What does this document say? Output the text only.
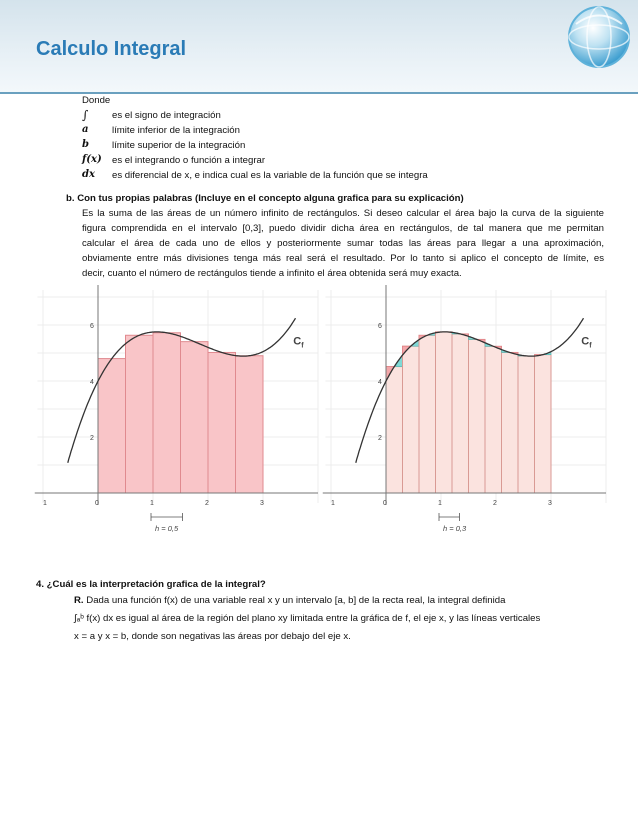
Calculo Integral
Donde
∫ es el signo de integración
a límite inferior de la integración
b límite superior de la integración
f(x) es el integrando o función a integrar
dx es diferencial de x, e indica cual es la variable de la función que se integra
b. Con tus propias palabras (Incluye en el concepto alguna grafica para su explicación)
Es la suma de las áreas de un número infinito de rectángulos. Si deseo calcular el área bajo la curva de la siguiente
figura comprendida en el intervalo [0,3], puedo dividir dicha área en rectángulos, de tal manera que me permitan
calcular el área de cada uno de ellos y posteriormente sumar todas las áreas para llegar a una aproximación,
obviamente entre más divisiones tenga más real será el resultado. Por lo tanto si aplico el concepto de límite, es
decir, cuanto el número de rectángulos tiende a infinito el área obtenida será muy exacta.
1	0	1	2	3
6
4
2
C f
h = 0,5
1	0	1	2	3
6
4
2
C f
h = 0,3
4. ¿Cuál es la interpretación grafica de la integral?
R. Dada una función f(x) de una variable real x y un intervalo [a, b] de la recta real, la integral definida
∫ₐᵇ f(x) dx es igual al área de la región del plano xy limitada entre la gráfica de f, el eje x, y las líneas verticales
x = a y x = b, donde son negativas las áreas por debajo del eje x.
